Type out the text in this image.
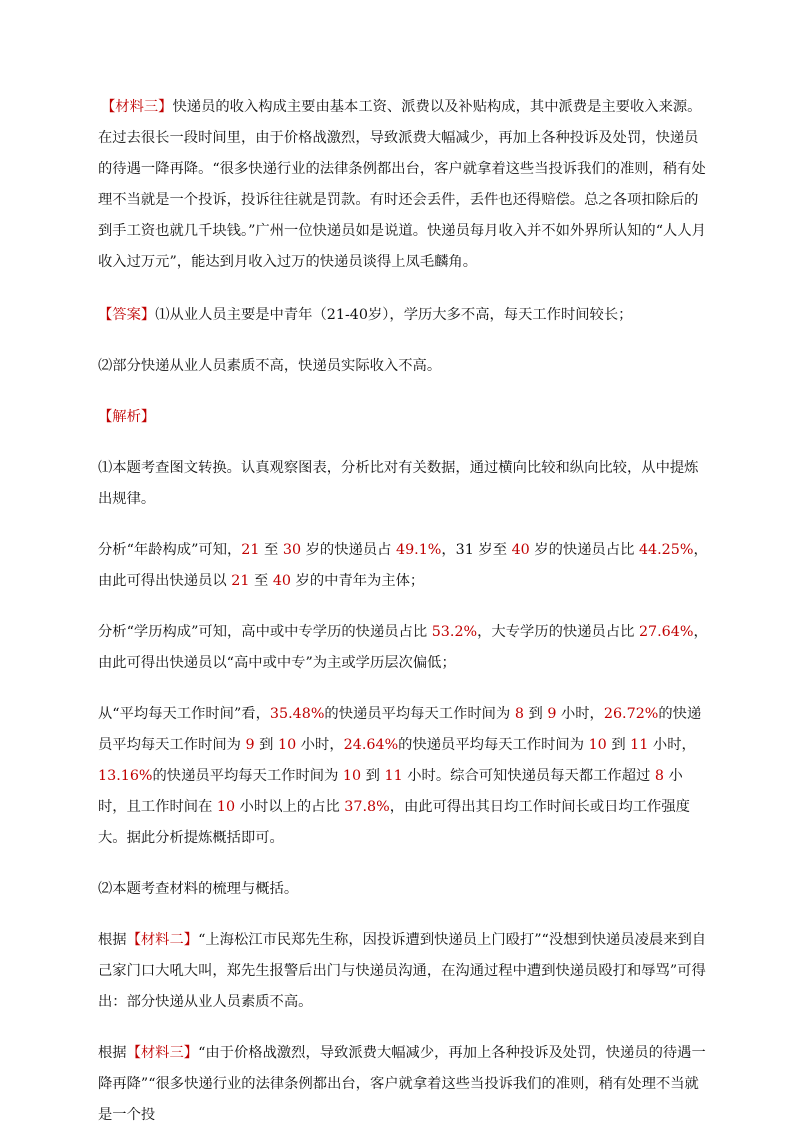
【材料三】快递员的收入构成主要由基本工资、派费以及补贴构成，其中派费是主要收入来源。在过去很长一段时间里，由于价格战激烈，导致派费大幅减少，再加上各种投诉及处罚，快递员的待遇一降再降。“很多快递行业的法律条例都出台，客户就拿着这些当投诉我们的准则，稍有处理不当就是一个投诉，投诉往往就是罚款。有时还会丢件，丢件也还得赔偿。总之各项扣除后的到手工资也就几千块钱。”广州一位快递员如是说道。快递员每月收入并不如外界所认知的“人人月收入过万元”，能达到月收入过万的快递员谈得上凤毛麟角。

【答案】⑴从业人员主要是中青年（21-40岁），学历大多不高，每天工作时间较长；

⑵部分快递从业人员素质不高，快递员实际收入不高。

【解析】

⑴本题考查图文转换。认真观察图表，分析比对有关数据，通过横向比较和纵向比较，从中提炼出规律。

分析“年龄构成”可知，21 至 30 岁的快递员占 49.1%，31 岁至 40 岁的快递员占比 44.25%，由此可得出快递员以 21 至 40 岁的中青年为主体；

分析“学历构成”可知，高中或中专学历的快递员占比 53.2%，大专学历的快递员占比 27.64%，由此可得出快递员以“高中或中专”为主或学历层次偏低；

从“平均每天工作时间”看，35.48%的快递员平均每天工作时间为 8 到 9 小时，26.72%的快递员平均每天工作时间为 9 到 10 小时，24.64%的快递员平均每天工作时间为 10 到 11 小时，13.16%的快递员平均每天工作时间为 10 到 11 小时。综合可知快递员每天都工作超过 8 小时，且工作时间在 10 小时以上的占比 37.8%，由此可得出其日均工作时间长或日均工作强度大。据此分析提炼概括即可。

⑵本题考查材料的梳理与概括。

根据【材料二】“上海松江市民郑先生称，因投诉遭到快递员上门殴打”“没想到快递员凌晨来到自己家门口大吼大叫，郑先生报警后出门与快递员沟通，在沟通过程中遭到快递员殴打和辱骂”可得出：部分快递从业人员素质不高。

根据【材料三】“由于价格战激烈，导致派费大幅减少，再加上各种投诉及处罚，快递员的待遇一降再降”“很多快递行业的法律条例都出台，客户就拿着这些当投诉我们的准则，稍有处理不当就是一个投
